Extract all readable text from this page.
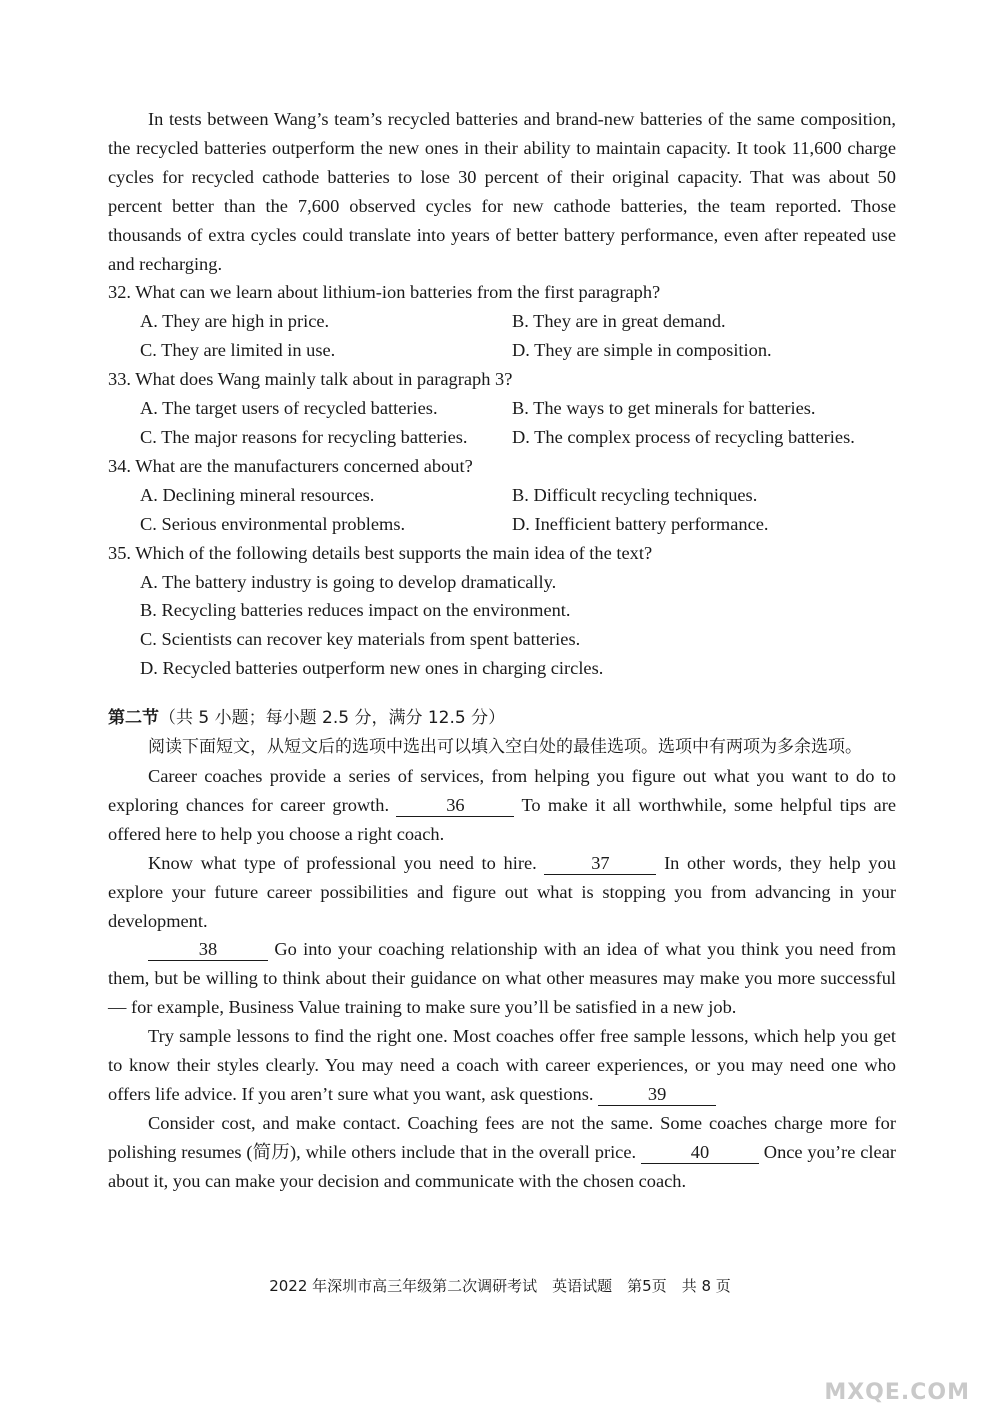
In tests between Wang’s team’s recycled batteries and brand-new batteries of the same composition, the recycled batteries outperform the new ones in their ability to maintain capacity. It took 11,600 charge cycles for recycled cathode batteries to lose 30 percent of their original capacity. That was about 50 percent better than the 7,600 observed cycles for new cathode batteries, the team reported. Those thousands of extra cycles could translate into years of better battery performance, even after repeated use and recharging.

32. What can we learn about lithium-ion batteries from the first paragraph?
A. They are high in price.	B. They are in great demand.
C. They are limited in use.	D. They are simple in composition.
33. What does Wang mainly talk about in paragraph 3?
A. The target users of recycled batteries.	B. The ways to get minerals for batteries.
C. The major reasons for recycling batteries.	D. The complex process of recycling batteries.
34. What are the manufacturers concerned about?
A. Declining mineral resources.	B. Difficult recycling techniques.
C. Serious environmental problems.	D. Inefficient battery performance.
35. Which of the following details best supports the main idea of the text?
A. The battery industry is going to develop dramatically.
B. Recycling batteries reduces impact on the environment.
C. Scientists can recover key materials from spent batteries.
D. Recycled batteries outperform new ones in charging circles.
第二节（共 5 小题；每小题 2.5 分，满分 12.5 分）

阅读下面短文，从短文后的选项中选出可以填入空白处的最佳选项。选项中有两项为多余选项。

Career coaches provide a series of services, from helping you figure out what you want to do to exploring chances for career growth.	36	To make it all worthwhile, some helpful tips are offered here to help you choose a right coach.

Know what type of professional you need to hire.	37	In other words, they help you explore your future career possibilities and figure out what is stopping you from advancing in your development.

38	Go into your coaching relationship with an idea of what you think you need from them, but be willing to think about their guidance on what other measures may make you more successful — for example, Business Value training to make sure you’ll be satisfied in a new job.

Try sample lessons to find the right one. Most coaches offer free sample lessons, which help you get to know their styles clearly. You may need a coach with career experiences, or you may need one who offers life advice. If you aren’t sure what you want, ask questions.	39

Consider cost, and make contact. Coaching fees are not the same. Some coaches charge more for polishing resumes (简历), while others include that in the overall price.	40	Once you’re clear about it, you can make your decision and communicate with the chosen coach.

2022 年深圳市高三年级第二次调研考试　英语试题　第5页　共 8 页
MXQE.COM
